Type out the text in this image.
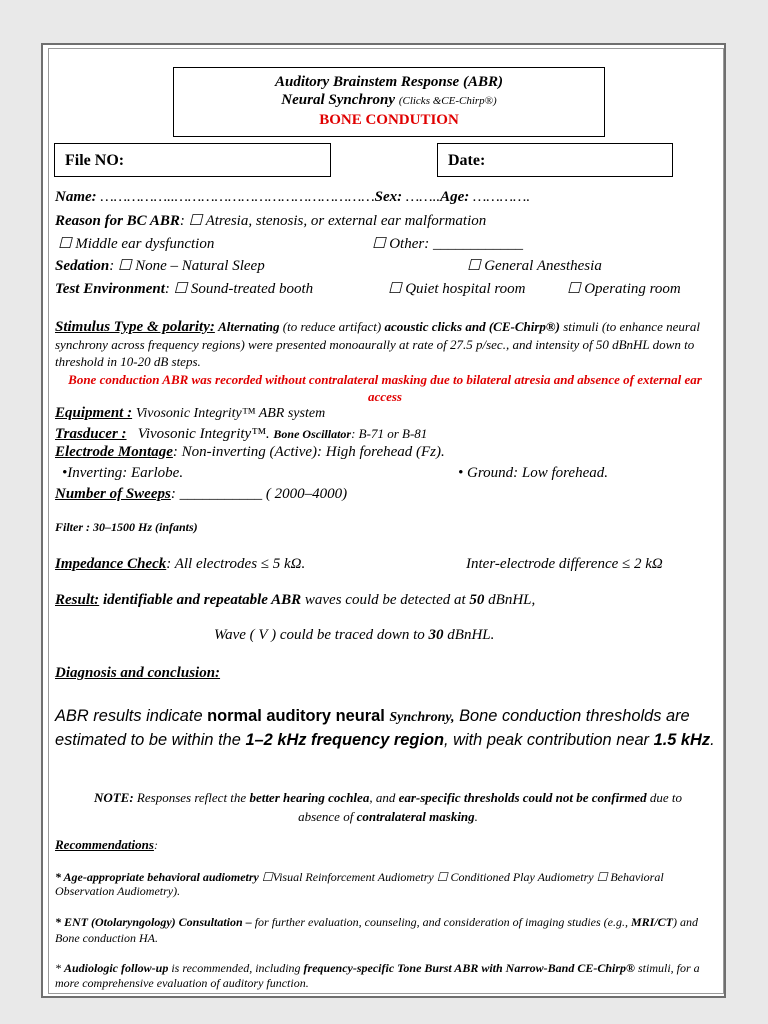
Auditory Brainstem Response (ABR)
Neural Synchrony (Clicks &CE-Chirp®)
BONE CONDUTION
File NO:	Date:
Name: ……………..………………………………………Sex: ……..Age: ………….
Reason for BC ABR: ☐ Atresia, stenosis, or external ear malformation
☐ Middle ear dysfunction	☐ Other: ____________
Sedation: ☐ None – Natural Sleep	☐ General Anesthesia
Test Environment: ☐ Sound-treated booth	☐ Quiet hospital room	☐ Operating room
Stimulus Type & polarity: Alternating (to reduce artifact) acoustic clicks and (CE-Chirp®) stimuli (to enhance neural synchrony across frequency regions) were presented monoaurally at rate of 27.5 p/sec., and intensity of 50 dBnHL down to threshold in 10-20 dB steps.
Bone conduction ABR was recorded without contralateral masking due to bilateral atresia and absence of external ear access
Equipment : Vivosonic Integrity™ ABR system
Trasducer : Vivosonic Integrity™. Bone Oscillator: B-71 or B-81
Electrode Montage: Non-inverting (Active): High forehead (Fz).
•Inverting: Earlobe.	• Ground: Low forehead.
Number of Sweeps: ___________ ( 2000–4000)
Filter : 30–1500 Hz (infants)
Impedance Check: All electrodes ≤ 5 kΩ.	Inter-electrode difference ≤ 2 kΩ
Result: identifiable and repeatable ABR waves could be detected at 50 dBnHL,
Wave ( V ) could be traced down to 30 dBnHL.
Diagnosis and conclusion:
ABR results indicate normal auditory neural Synchrony, Bone conduction thresholds are estimated to be within the 1–2 kHz frequency region, with peak contribution near 1.5 kHz.
NOTE: Responses reflect the better hearing cochlea, and ear-specific thresholds could not be confirmed due to absence of contralateral masking.
Recommendations:
* Age-appropriate behavioral audiometry ☐Visual Reinforcement Audiometry ☐ Conditioned Play Audiometry ☐ Behavioral Observation Audiometry).
* ENT (Otolaryngology) Consultation – for further evaluation, counseling, and consideration of imaging studies (e.g., MRI/CT) and Bone conduction HA.
* Audiologic follow-up is recommended, including frequency-specific Tone Burst ABR with Narrow-Band CE-Chirp® stimuli, for a more comprehensive evaluation of auditory function.
